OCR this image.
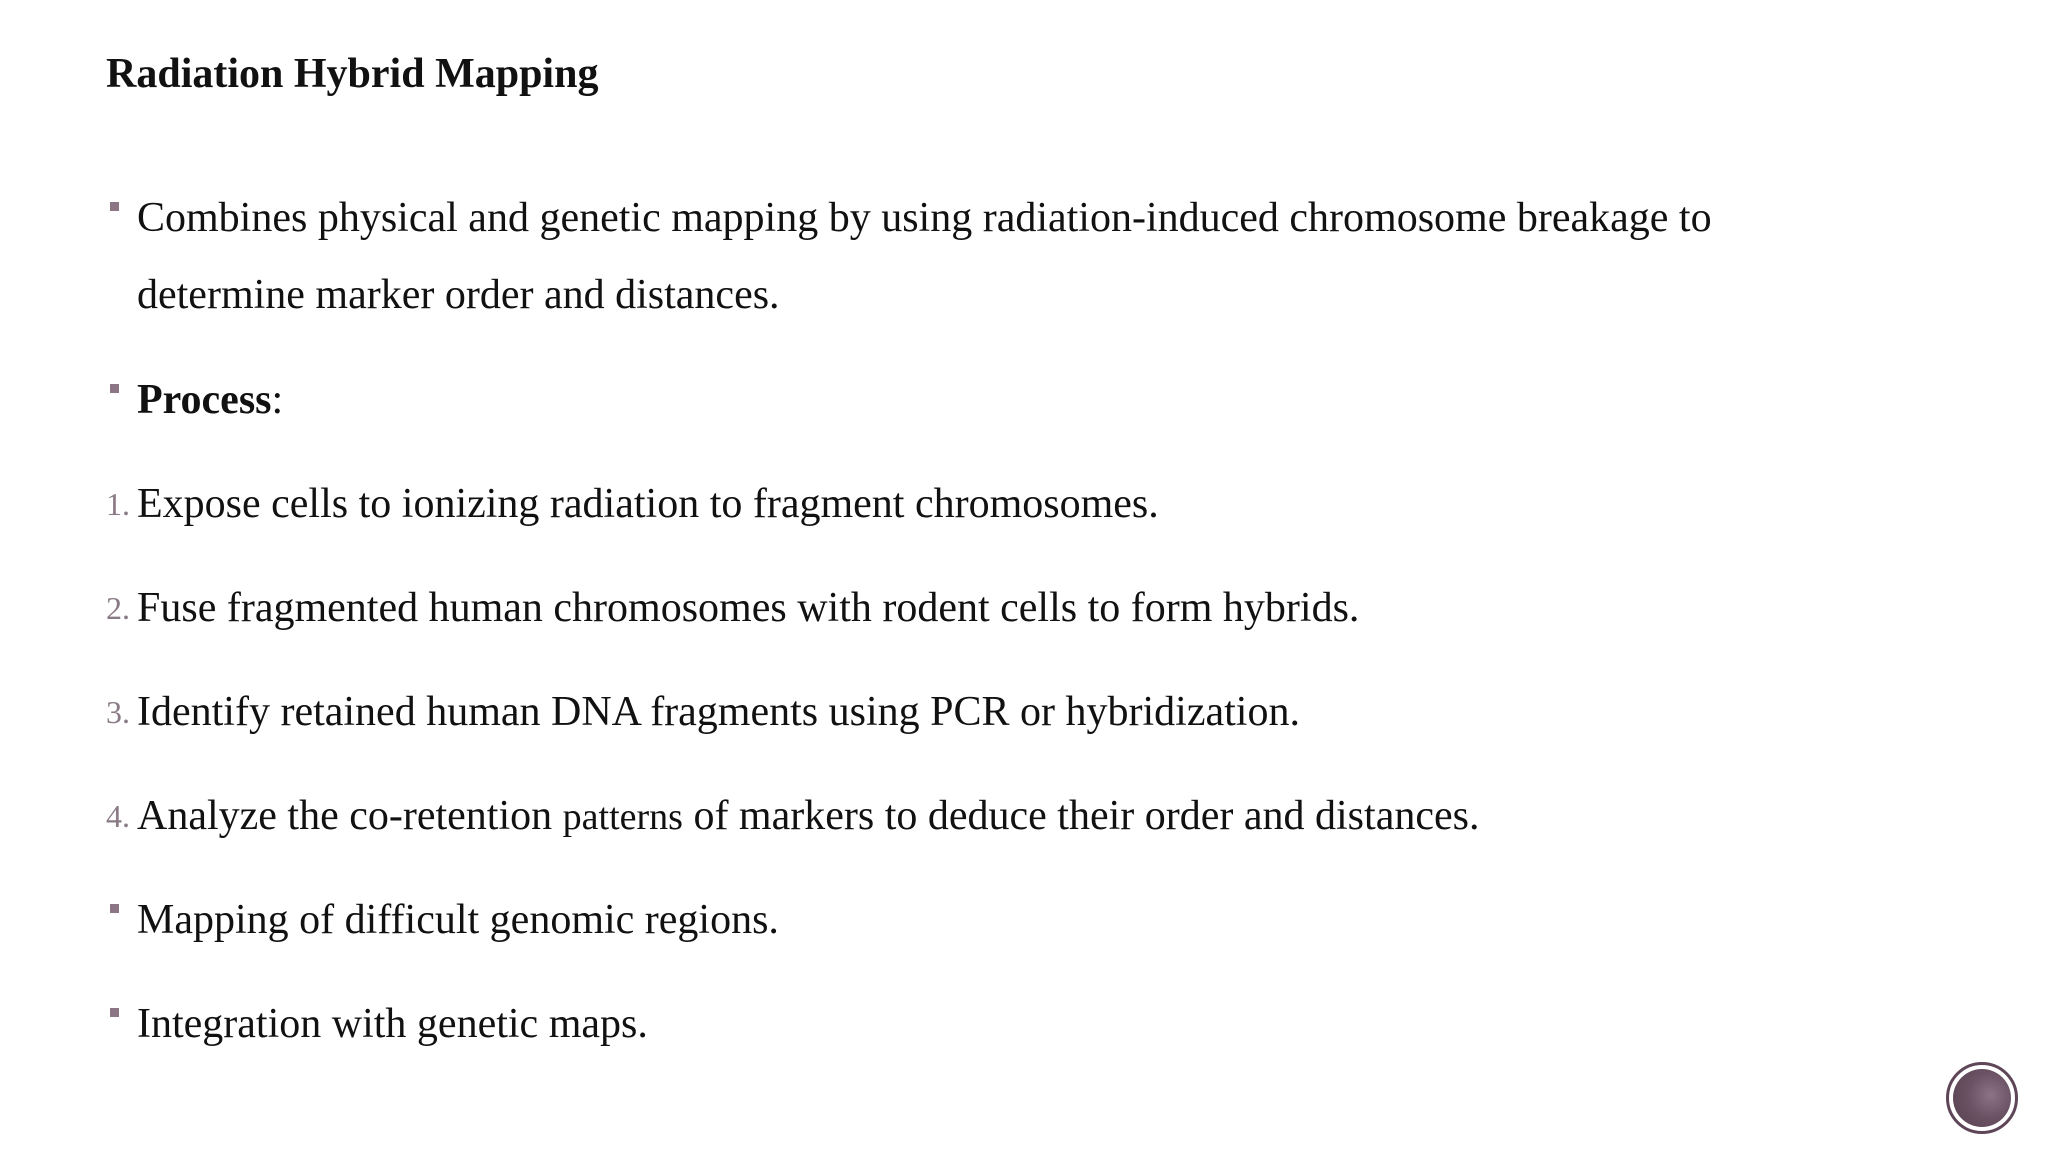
Radiation Hybrid Mapping
Combines physical and genetic mapping by using radiation-induced chromosome breakage to
determine marker order and distances.
Process:
1. Expose cells to ionizing radiation to fragment chromosomes.
2. Fuse fragmented human chromosomes with rodent cells to form hybrids.
3. Identify retained human DNA fragments using PCR or hybridization.
4. Analyze the co-retention patterns of markers to deduce their order and distances.
Mapping of difficult genomic regions.
Integration with genetic maps.
